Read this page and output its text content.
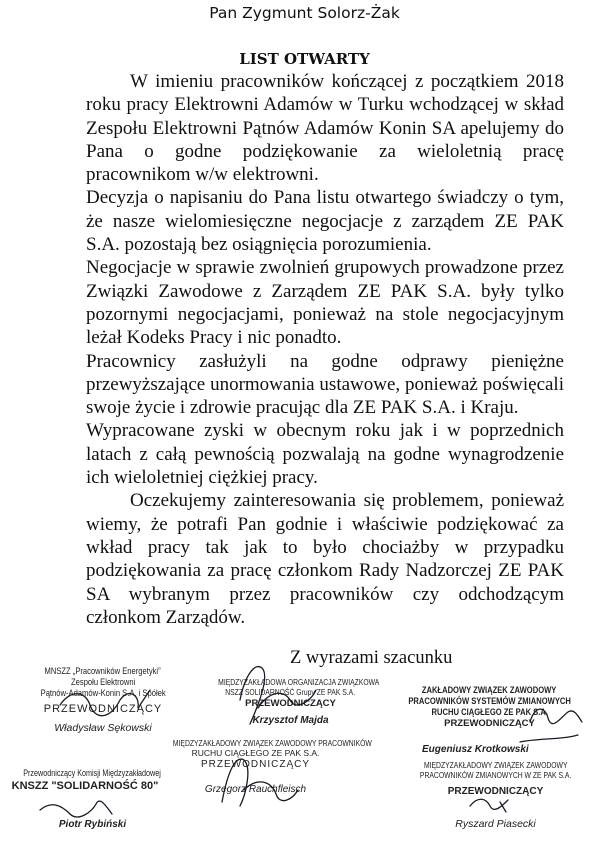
Pan Zygmunt Solorz-Żak
LIST OTWARTY

W imieniu pracowników kończącej z początkiem 2018 roku pracy Elektrowni Adamów w Turku wchodzącej w skład Zespołu Elektrowni Pątnów Adamów Konin SA apelujemy do Pana o godne podziękowanie za wieloletnią pracę pracownikom w/w elektrowni.

Decyzja o napisaniu do Pana listu otwartego świadczy o tym, że nasze wielomiesięczne negocjacje z zarządem ZE PAK S.A. pozostają bez osiągnięcia porozumienia.

Negocjacje w sprawie zwolnień grupowych prowadzone przez Związki Zawodowe z Zarządem ZE PAK S.A. były tylko pozornymi negocjacjami, ponieważ na stole negocjacyjnym leżał Kodeks Pracy i nic ponadto.

Pracownicy zasłużyli na godne odprawy pieniężne przewyższające unormowania ustawowe, ponieważ poświęcali swoje życie i zdrowie pracując dla ZE PAK S.A. i Kraju.

Wypracowane zyski w obecnym roku jak i w poprzednich latach z całą pewnością pozwalają na godne wynagrodzenie ich wieloletniej ciężkiej pracy.

Oczekujemy zainteresowania się problemem, ponieważ wiemy, że potrafi Pan godnie i właściwie podziękować za wkład pracy tak jak to było chociażby w przypadku podziękowania za pracę członkom Rady Nadzorczej ZE PAK SA wybranym przez pracowników czy odchodzącym członkom Zarządów.

Z wyrazami szacunku
MNSZZ „Pracowników Energetyki”
Zespołu Elektrowni
Pątnów-Adamów-Konin S.A. i Spółek
PRZEWODNICZĄCY
Władysław Sękowski
MIĘDZYZAKŁADOWA ORGANIZACJA ZWIĄZKOWA
NSZZ SOLIDARNOŚĆ Grupy ZE PAK S.A.
PRZEWODNICZĄCY
Krzysztof Majda
ZAKŁADOWY ZWIĄZEK ZAWODOWY
PRACOWNIKÓW SYSTEMÓW ZMIANOWYCH
RUCHU CIĄGŁEGO ZE PAK S.A.
PRZEWODNICZĄCY
Eugeniusz Krotkowski
MIĘDZYZAKŁADOWY ZWIĄZEK ZAWODOWY PRACOWNIKÓW
RUCHU CIĄGŁEGO ZE PAK S.A.
PRZEWODNICZĄCY
Grzegorz Rauchfleisch
Przewodniczący Komisji Międzyzakładowej
KNSZZ "SOLIDARNOŚĆ 80"
Piotr Rybiński
MIĘDZYZAKŁADOWY ZWIĄZEK ZAWODOWY
PRACOWNIKÓW ZMIANOWYCH W ZE PAK S.A.
PRZEWODNICZĄCY
Ryszard Piasecki
